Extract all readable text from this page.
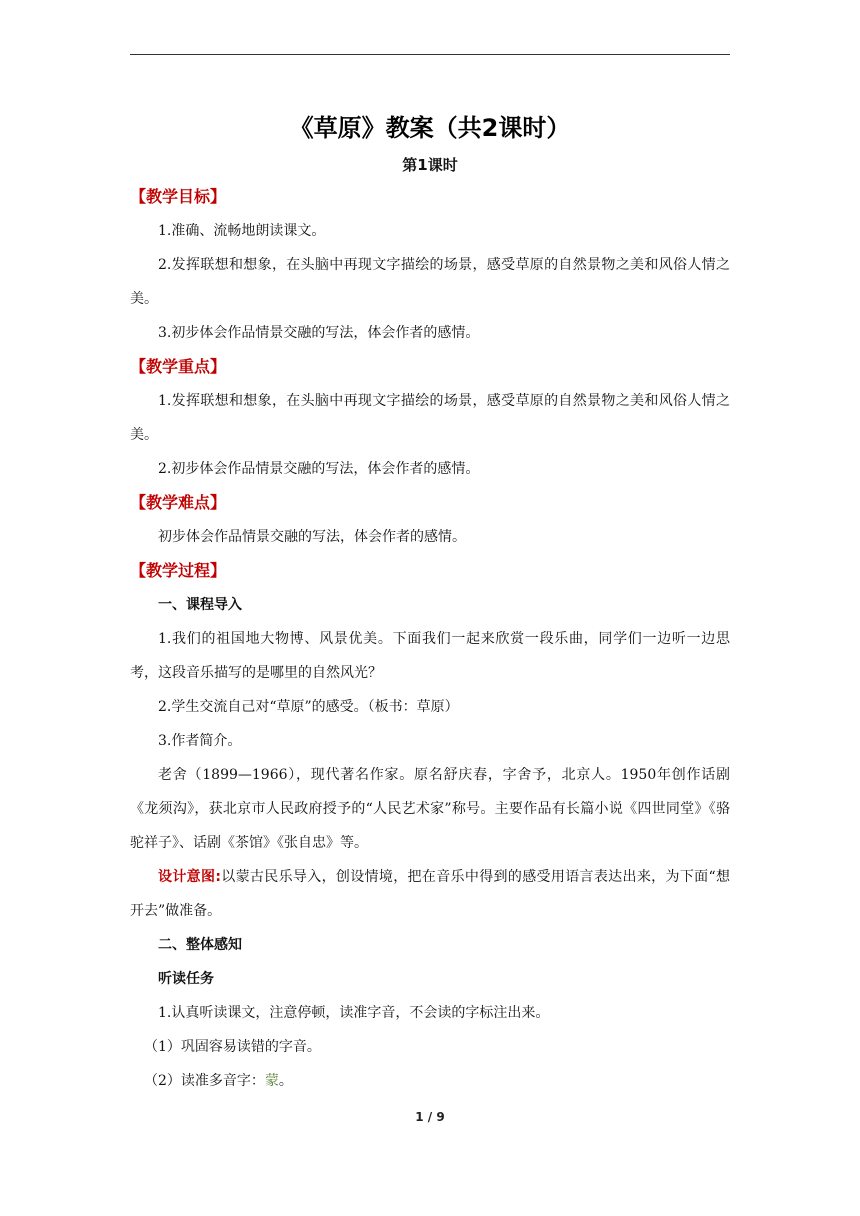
《草原》教案（共2课时）
第1课时
【教学目标】

1.准确、流畅地朗读课文。

2.发挥联想和想象，在头脑中再现文字描绘的场景，感受草原的自然景物之美和风俗人情之美。

3.初步体会作品情景交融的写法，体会作者的感情。

【教学重点】

1.发挥联想和想象，在头脑中再现文字描绘的场景，感受草原的自然景物之美和风俗人情之美。

2.初步体会作品情景交融的写法，体会作者的感情。

【教学难点】

初步体会作品情景交融的写法，体会作者的感情。

【教学过程】
一、课程导入

1.我们的祖国地大物博、风景优美。下面我们一起来欣赏一段乐曲，同学们一边听一边思考，这段音乐描写的是哪里的自然风光？

2.学生交流自己对“草原”的感受。（板书：草原）

3.作者简介。

老舍（1899—1966），现代著名作家。原名舒庆春，字舍予，北京人。1950年创作话剧《龙须沟》，获北京市人民政府授予的“人民艺术家”称号。主要作品有长篇小说《四世同堂》《骆驼祥子》、话剧《茶馆》《张自忠》等。

设计意图:以蒙古民乐导入，创设情境，把在音乐中得到的感受用语言表达出来，为下面“想开去”做准备。

二、整体感知
听读任务

1.认真听读课文，注意停顿，读准字音，不会读的字标注出来。

（1）巩固容易读错的字音。

（2）读准多音字：蒙。

1 / 9
